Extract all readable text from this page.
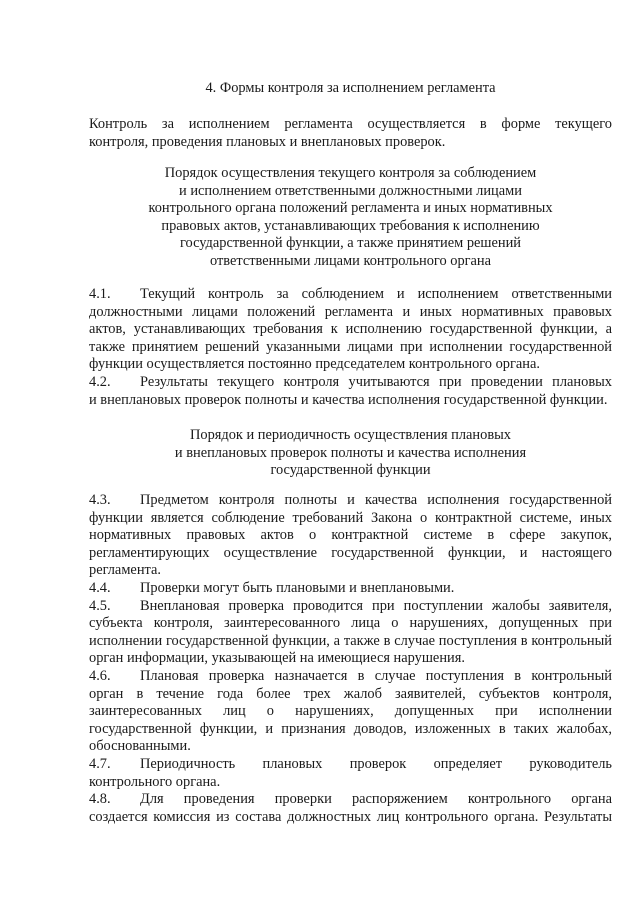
4. Формы контроля за исполнением регламента
Контроль за исполнением регламента осуществляется в форме текущего
контроля, проведения плановых и внеплановых проверок.
Порядок осуществления текущего контроля за соблюдением
и исполнением ответственными должностными лицами
контрольного органа положений регламента и иных нормативных
правовых актов, устанавливающих требования к исполнению
государственной функции, а также принятием решений
ответственными лицами контрольного органа
4.1.	Текущий контроль за соблюдением и исполнением ответственными
должностными лицами положений регламента и иных нормативных правовых
актов, устанавливающих требования к исполнению государственной функции, а
также принятием решений указанными лицами при исполнении государственной
функции осуществляется постоянно председателем контрольного органа.
4.2.	Результаты текущего контроля учитываются при проведении плановых
и внеплановых проверок полноты и качества исполнения государственной функции.
Порядок и периодичность осуществления плановых
и внеплановых проверок полноты и качества исполнения
государственной функции
4.3.	Предметом контроля полноты и качества исполнения государственной
функции является соблюдение требований Закона о контрактной системе, иных
нормативных правовых актов о контрактной системе в сфере закупок,
регламентирующих осуществление государственной функции, и настоящего
регламента.
4.4.	Проверки могут быть плановыми и внеплановыми.
4.5.	Внеплановая проверка проводится при поступлении жалобы заявителя,
субъекта контроля, заинтересованного лица о нарушениях, допущенных при
исполнении государственной функции, а также в случае поступления в контрольный
орган информации, указывающей на имеющиеся нарушения.
4.6.	Плановая проверка назначается в случае поступления в контрольный
орган в течение года более трех жалоб заявителей, субъектов контроля,
заинтересованных лиц о нарушениях, допущенных при исполнении
государственной функции, и признания доводов, изложенных в таких жалобах,
обоснованными.
4.7.	Периодичность плановых проверок определяет руководитель
контрольного органа.
4.8.	Для проведения проверки распоряжением контрольного органа
создается комиссия из состава должностных лиц контрольного органа. Результаты
